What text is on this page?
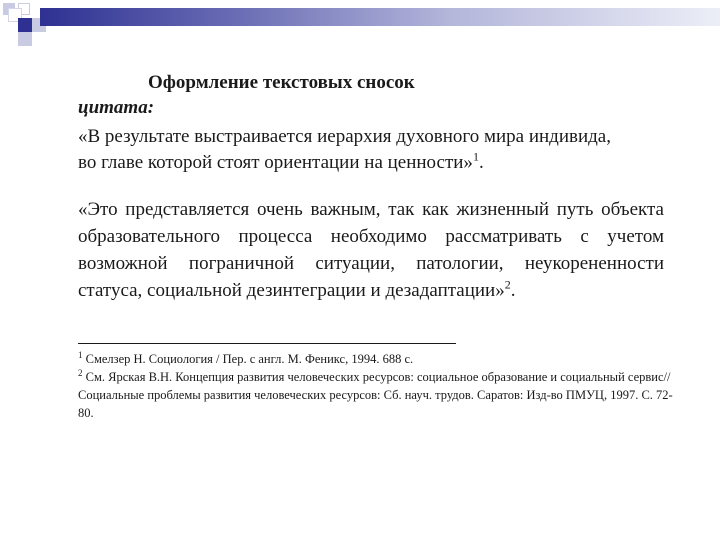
Оформление текстовых сносок
цитата:
«В результате выстраивается иерархия духовного мира индивида,
во главе которой стоят ориентации на ценности»$^1$.
«Это представляется очень важным, так как жизненный путь объекта образовательного процесса необходимо рассматривать с учетом возможной пограничной ситуации, патологии, неукорененности статуса, социальной дезинтеграции и дезадаптации»$^2$.
$^1$ Смелзер Н. Социология / Пер. с англ. М. Феникс, 1994. 688 с.
$^2$ См. Ярская В.Н. Концепция развития человеческих ресурсов: социальное образование и социальный сервис// Социальные проблемы развития человеческих ресурсов: Сб. науч. трудов. Саратов: Изд-во ПМУЦ, 1997. С. 72-80.
